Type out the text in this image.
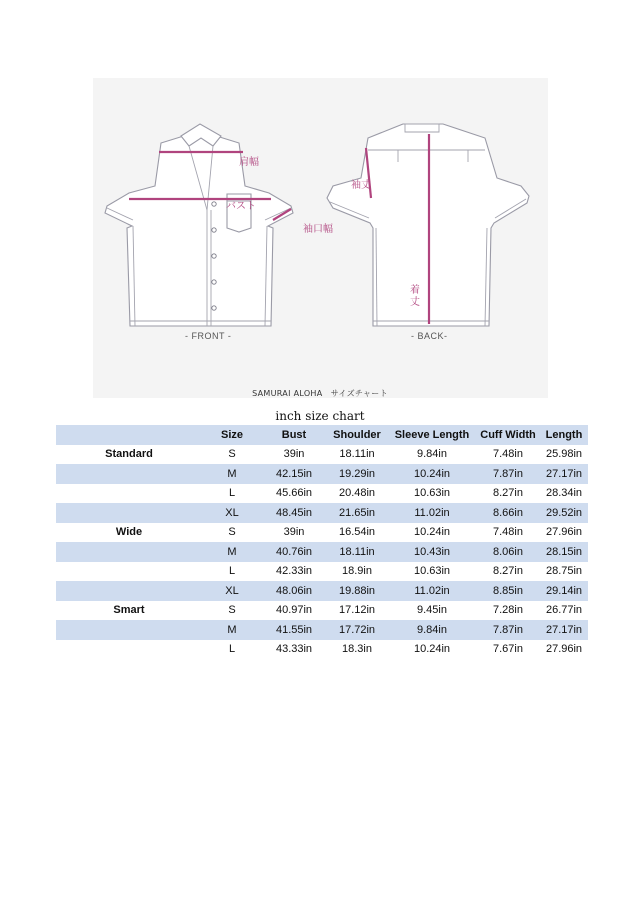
肩幅
バスト
袖口幅
- FRONT -
袖丈
着
丈
- BACK-
SAMURAI ALOHA　サイズチャート
inch size chart
	Size	Bust	Shoulder	Sleeve Length	Cuff Width	Length
Standard	S	39in	18.11in	9.84in	7.48in	25.98in
	M	42.15in	19.29in	10.24in	7.87in	27.17in
	L	45.66in	20.48in	10.63in	8.27in	28.34in
	XL	48.45in	21.65in	11.02in	8.66in	29.52in
Wide	S	39in	16.54in	10.24in	7.48in	27.96in
	M	40.76in	18.11in	10.43in	8.06in	28.15in
	L	42.33in	18.9in	10.63in	8.27in	28.75in
	XL	48.06in	19.88in	11.02in	8.85in	29.14in
Smart	S	40.97in	17.12in	9.45in	7.28in	26.77in
	M	41.55in	17.72in	9.84in	7.87in	27.17in
	L	43.33in	18.3in	10.24in	7.67in	27.96in
